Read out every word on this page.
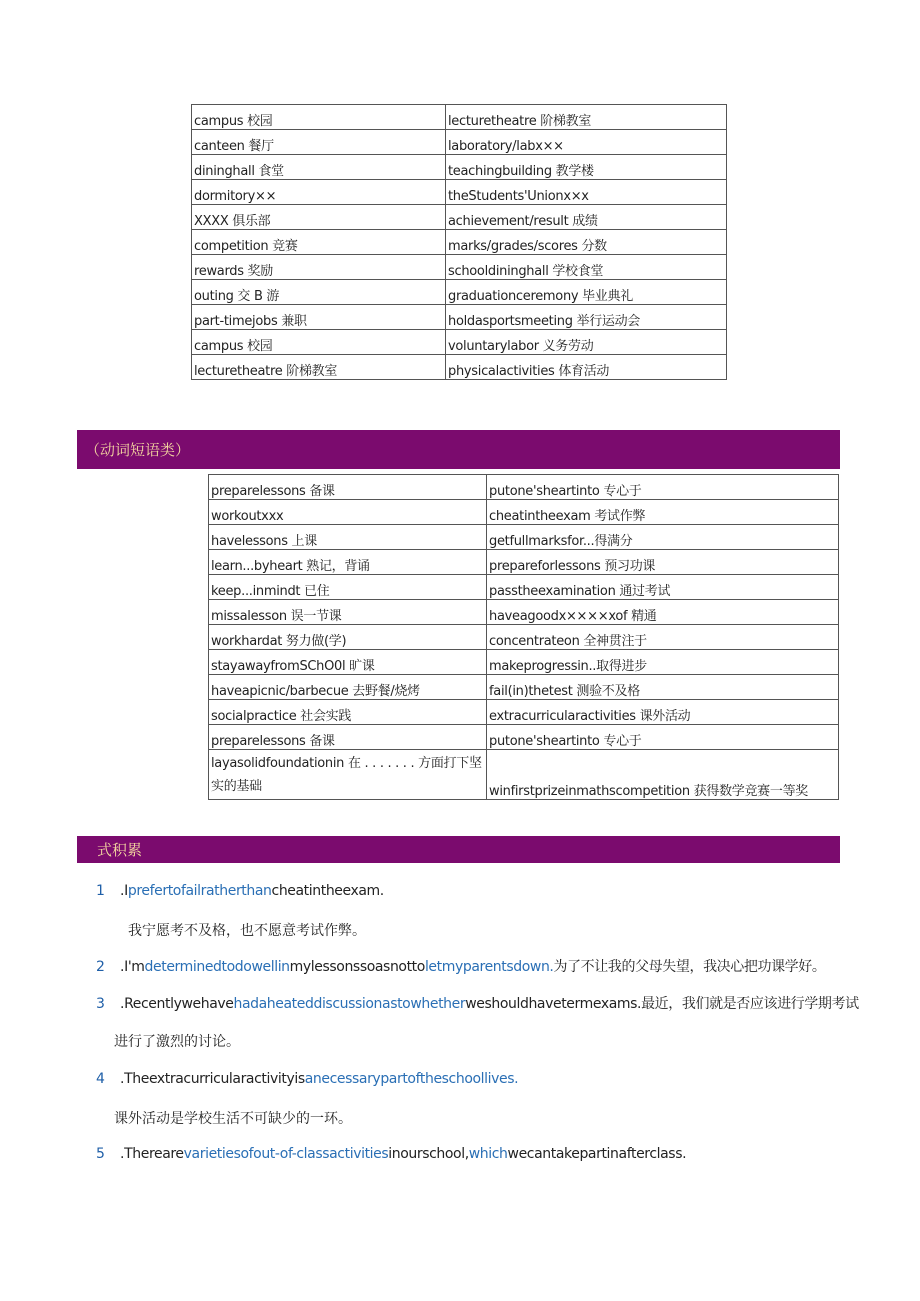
campus 校园	lecturetheatre 阶梯教室
canteen 餐厅	laboratory/labx××
dininghall 食堂	teachingbuilding 教学楼
dormitory××	theStudents'Unionx×x
XXXX 俱乐部	achievement/result 成绩
competition 竞赛	marks/grades/scores 分数
rewards 奖励	schooldininghall 学校食堂
outing 交 B 游	graduationceremony 毕业典礼
part-timejobs 兼职	holdasportsmeeting 举行运动会
campus 校园	voluntarylabor 义务劳动
lecturetheatre 阶梯教室	physicalactivities 体育活动
（动词短语类）
preparelessons 备课	putone'sheartinto 专心于
workoutxxx	cheatintheexam 考试作弊
havelessons 上课	getfullmarksfor...得满分
learn...byheart 熟记，背诵	prepareforlessons 预习功课
keep...inmindt 已住	passtheexamination 通过考试
missalesson 误一节课	haveagoodx××××xof 精通
workhardat 努力做(学)	concentrateon 全神贯注于
stayawayfromSChO0l 旷课	makeprogressin..取得进步
haveapicnic/barbecue 去野餐/烧烤	fail(in)thetest 测验不及格
socialpractice 社会实践	extracurricularactivities 课外活动
preparelessons 备课	putone'sheartinto 专心于
layasolidfoundationin 在 . . . . . . . 方面打下坚实的基础	winfirstprizeinmathscompetition 获得数学竞赛一等奖
式积累
1 .Iprefertofailratherthancheatintheexam.
我宁愿考不及格，也不愿意考试作弊。
2 .I'mdeterminedtodowellinmylessonssoasnottoletmyparentsdown.为了不让我的父母失望，我决心把功课学好。
3 .Recentlywehavehadaheateddiscussionastowhetherweshouldhavetermexams.最近，我们就是否应该进行学期考试
进行了激烈的讨论。
4 .Theextracurricularactivityisanecessarypartoftheschoollives.
课外活动是学校生活不可缺少的一环。
5 .Therearevarietiesofout-of-classactivitiesinourschool,whichwecantakepartinafterclass.
